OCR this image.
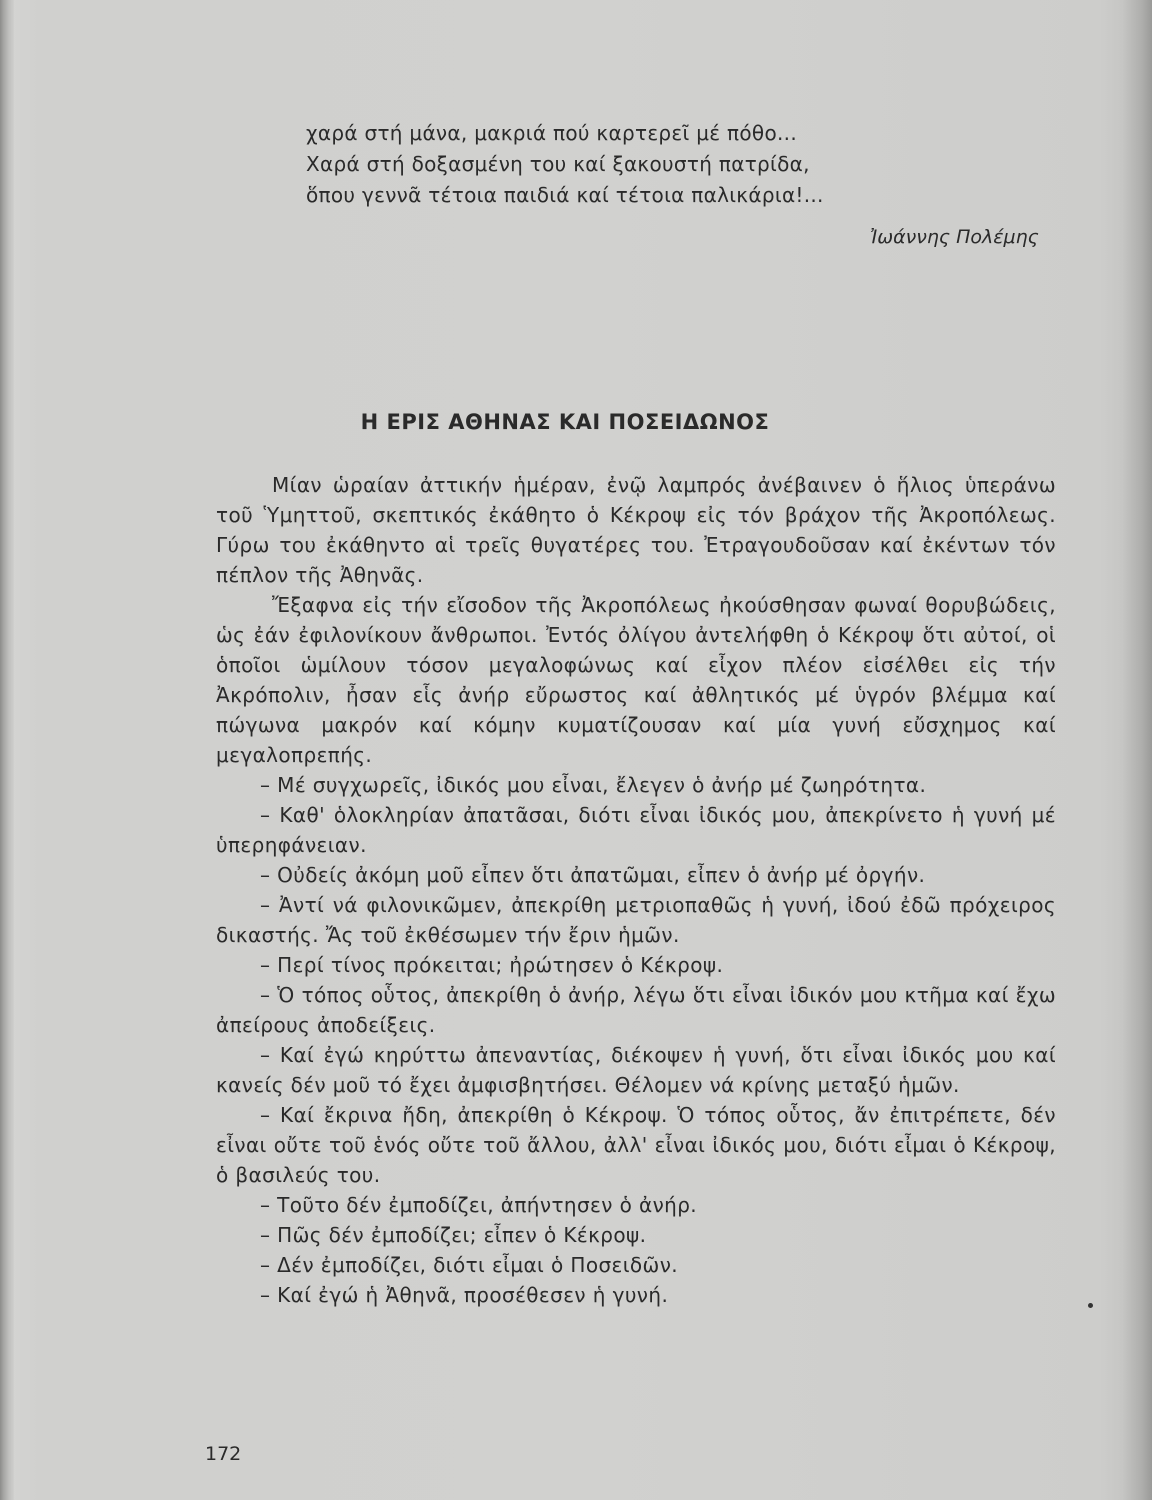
χαρά στή μάνα, μακριά πού καρτερεῖ μέ πόθο...
Χαρά στή δοξασμένη του καί ξακουστή πατρίδα,
ὅπου γεννᾶ τέτοια παιδιά καί τέτοια παλικάρια!...
Ἰωάννης Πολέμης
Η ΕΡΙΣ ΑΘΗΝΑΣ ΚΑΙ ΠΟΣΕΙΔΩΝΟΣ

Μίαν ὡραίαν ἀττικήν ἡμέραν, ἐνῷ λαμπρός ἀνέβαινεν ὁ ἥλιος ὑπεράνω τοῦ Ὑμηττοῦ, σκεπτικός ἐκάθητο ὁ Κέκροψ εἰς τόν βράχον τῆς Ἀκροπόλεως. Γύρω του ἐκάθηντο αἱ τρεῖς θυγατέρες του. Ἐτραγουδοῦσαν καί ἐκέντων τόν πέπλον τῆς Ἀθηνᾶς.

Ἔξαφνα εἰς τήν εἴσοδον τῆς Ἀκροπόλεως ἠκούσθησαν φωναί θορυβώδεις, ὡς ἐάν ἐφιλονίκουν ἄνθρωποι. Ἐντός ὀλίγου ἀντελήφθη ὁ Κέκροψ ὅτι αὐτοί, οἱ ὁποῖοι ὡμίλουν τόσον μεγαλοφώνως καί εἶχον πλέον εἰσέλθει εἰς τήν Ἀκρόπολιν, ἦσαν εἷς ἀνήρ εὔρωστος καί ἀθλητικός μέ ὑγρόν βλέμμα καί πώγωνα μακρόν καί κόμην κυματίζουσαν καί μία γυνή εὔσχημος καί μεγαλοπρεπής.

– Μέ συγχωρεῖς, ἰδικός μου εἶναι, ἔλεγεν ὁ ἀνήρ μέ ζωηρότητα.

– Καθ' ὁλοκληρίαν ἀπατᾶσαι, διότι εἶναι ἰδικός μου, ἀπεκρίνετο ἡ γυνή μέ ὑπερηφάνειαν.

– Οὐδείς ἀκόμη μοῦ εἶπεν ὅτι ἀπατῶμαι, εἶπεν ὁ ἀνήρ μέ ὀργήν.

– Ἀντί νά φιλονικῶμεν, ἀπεκρίθη μετριοπαθῶς ἡ γυνή, ἰδού ἐδῶ πρόχειρος δικαστής. Ἄς τοῦ ἐκθέσωμεν τήν ἔριν ἡμῶν.

– Περί τίνος πρόκειται; ἠρώτησεν ὁ Κέκροψ.

– Ὁ τόπος οὗτος, ἀπεκρίθη ὁ ἀνήρ, λέγω ὅτι εἶναι ἰδικόν μου κτῆμα καί ἔχω ἀπείρους ἀποδείξεις.

– Καί ἐγώ κηρύττω ἀπεναντίας, διέκοψεν ἡ γυνή, ὅτι εἶναι ἰδικός μου καί κανείς δέν μοῦ τό ἔχει ἀμφισβητήσει. Θέλομεν νά κρίνης μεταξύ ἡμῶν.

– Καί ἔκρινα ἤδη, ἀπεκρίθη ὁ Κέκροψ. Ὁ τόπος οὗτος, ἄν ἐπιτρέπετε, δέν εἶναι οὔτε τοῦ ἑνός οὔτε τοῦ ἄλλου, ἀλλ' εἶναι ἰδικός μου, διότι εἶμαι ὁ Κέκροψ, ὁ βασιλεύς του.

– Τοῦτο δέν ἐμποδίζει, ἀπήντησεν ὁ ἀνήρ.

– Πῶς δέν ἐμποδίζει; εἶπεν ὁ Κέκροψ.

– Δέν ἐμποδίζει, διότι εἶμαι ὁ Ποσειδῶν.

– Καί ἐγώ ἡ Ἀθηνᾶ, προσέθεσεν ἡ γυνή.

172
